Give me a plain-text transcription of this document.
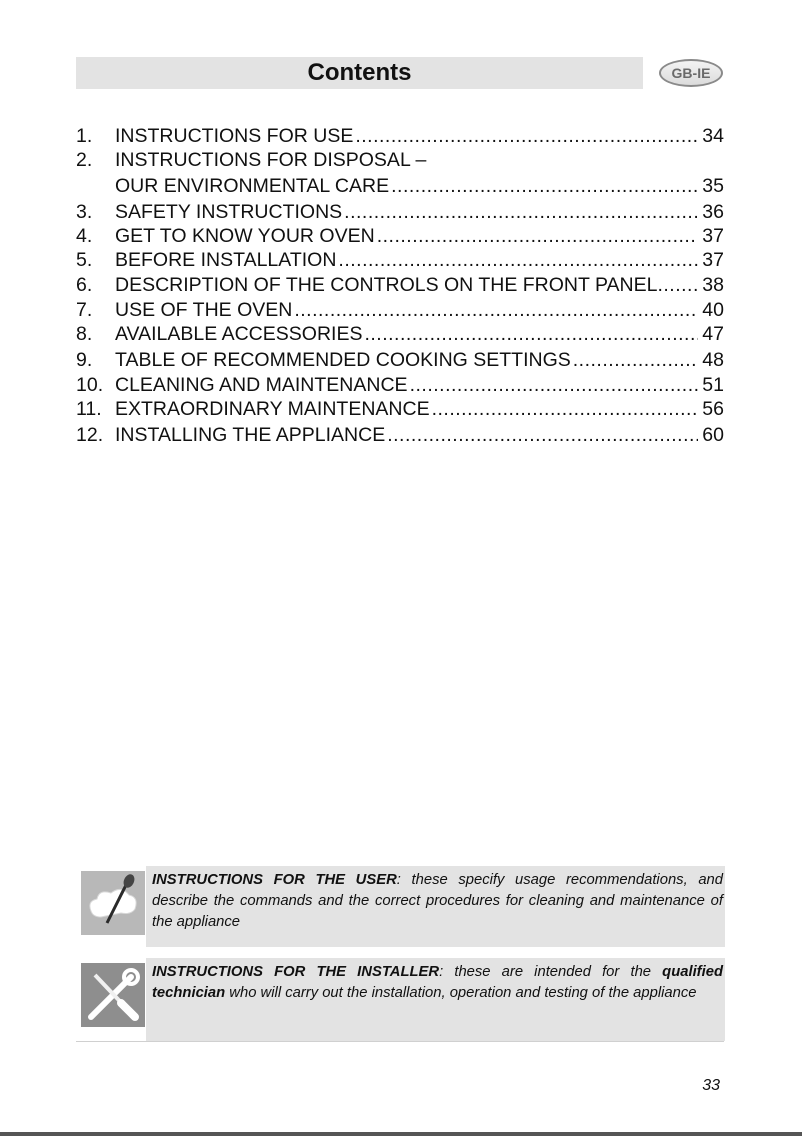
Contents	GB-IE
1.	INSTRUCTIONS FOR USE .....	34
2.	INSTRUCTIONS FOR DISPOSAL –
OUR ENVIRONMENTAL CARE .....	35
3.	SAFETY INSTRUCTIONS .....	36
4.	GET TO KNOW YOUR OVEN .....	37
5.	BEFORE INSTALLATION .....	37
6.	DESCRIPTION OF THE CONTROLS ON THE FRONT PANEL ..... 38
7.	USE OF THE OVEN .....	40
8.	AVAILABLE ACCESSORIES .....	47
9.	TABLE OF RECOMMENDED COOKING SETTINGS .....	48
10. CLEANING AND MAINTENANCE .....	51
11. EXTRAORDINARY MAINTENANCE .....	56
12. INSTALLING THE APPLIANCE .....	60
INSTRUCTIONS FOR THE USER: these specify usage recommendations, and describe the commands and the correct procedures for cleaning and maintenance of the appliance
INSTRUCTIONS FOR THE INSTALLER: these are intended for the qualified technician who will carry out the installation, operation and testing of the appliance
33
